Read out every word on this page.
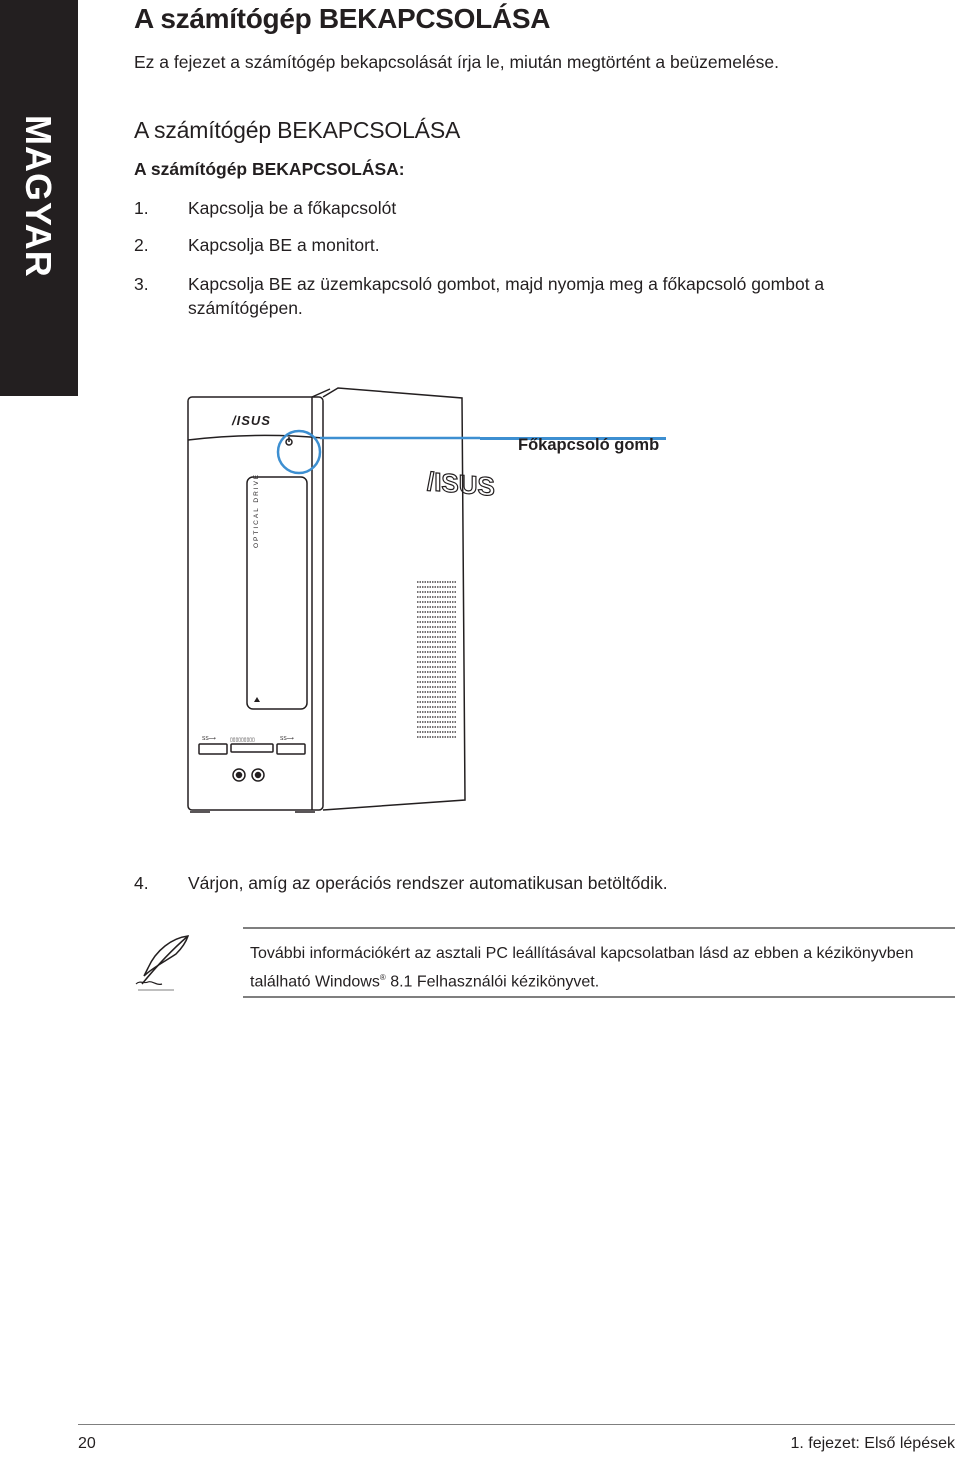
MAGYAR
A számítógép BEKAPCSOLÁSA

Ez a fejezet a számítógép bekapcsolását írja le, miután megtörtént a beüzemelése.

A számítógép BEKAPCSOLÁSA

A számítógép BEKAPCSOLÁSA:

1. Kapcsolja be a főkapcsolót
2. Kapcsolja BE a monitort.
3. Kapcsolja BE az üzemkapcsoló gombot, majd nyomja meg a főkapcsoló gombot a számítógépen.
SS⟶	SS⟶
▯▯▯▯▯▯▯▯▯
/ISUS
/ISUS
OPTICAL DRIVE
Főkapcsoló gomb
4. Várjon, amíg az operációs rendszer automatikusan betöltődik.

További információkért az asztali PC leállításával kapcsolatban lásd az ebben a kézikönyvben található Windows® 8.1 Felhasználói kézikönyvet.

20	1. fejezet: Első lépések
